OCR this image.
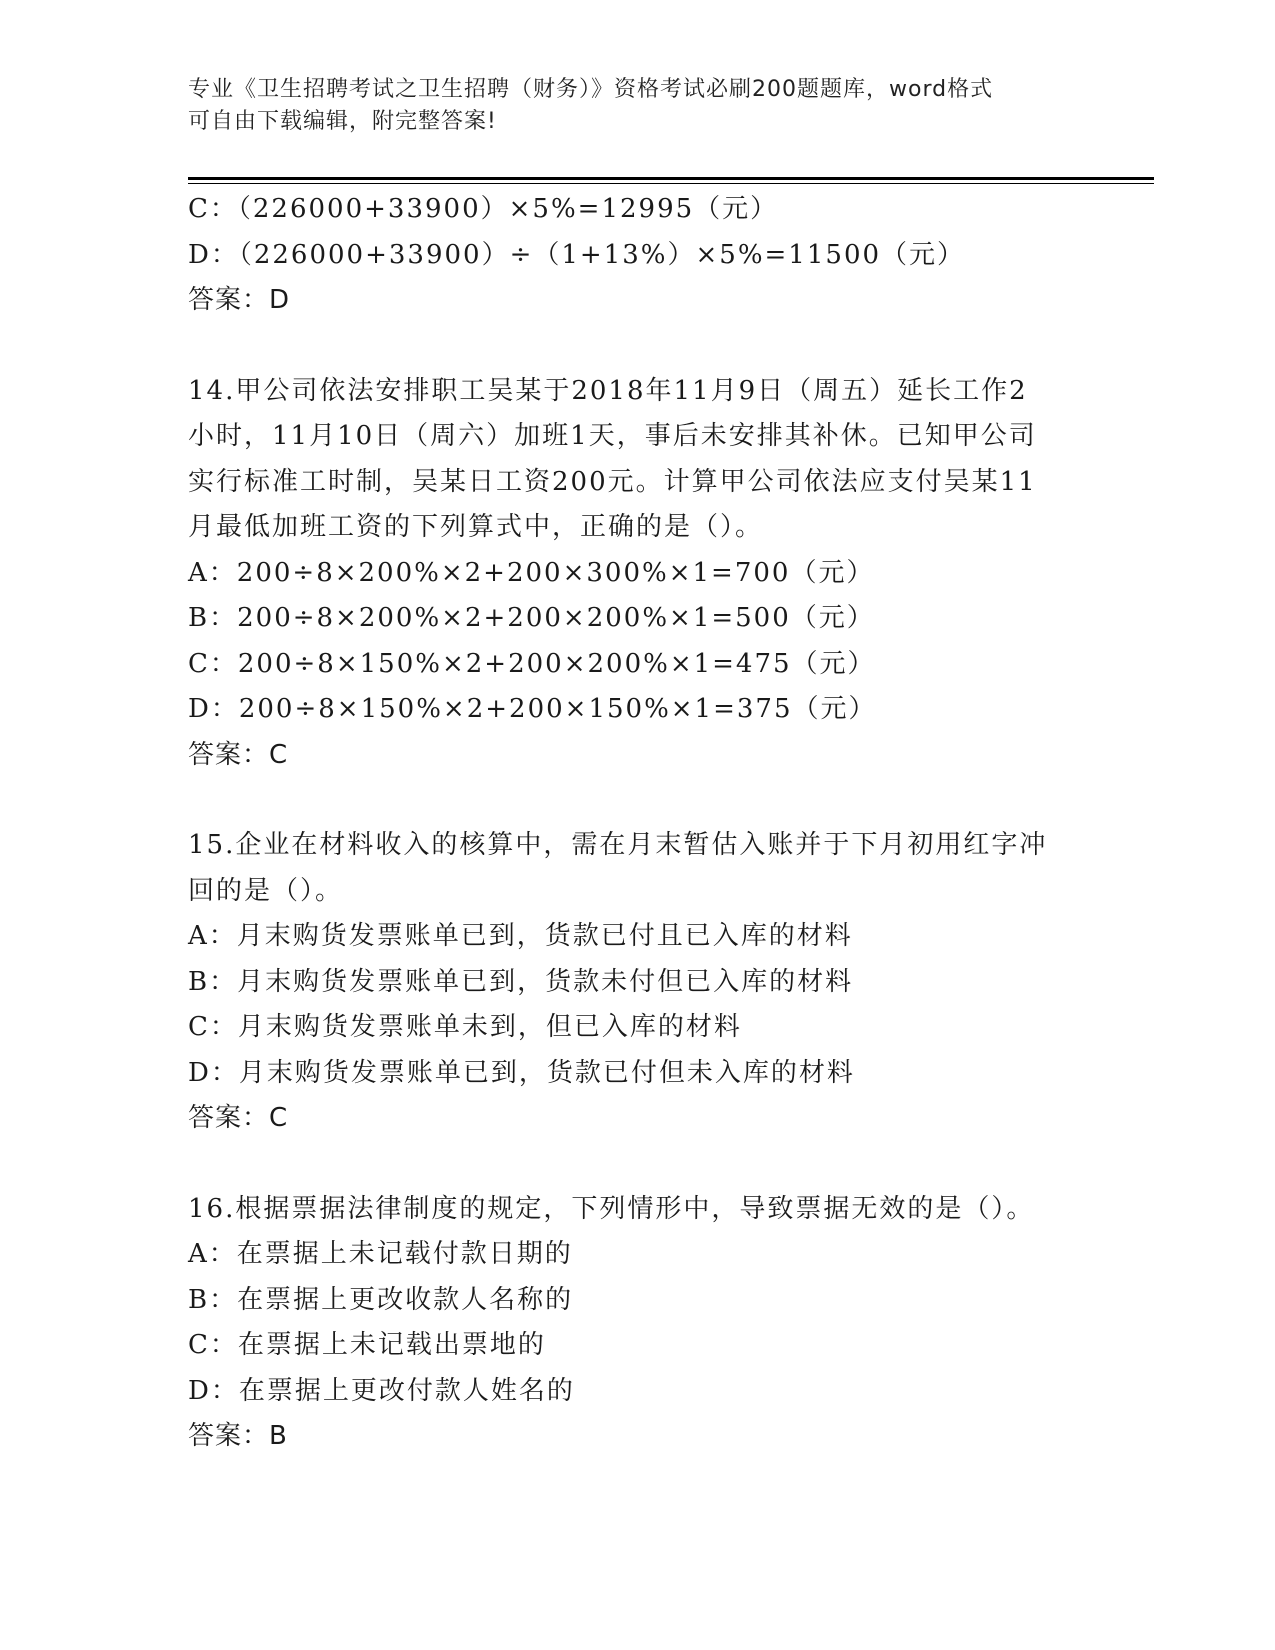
专业《卫生招聘考试之卫生招聘（财务）》资格考试必刷200题题库，word格式
可自由下载编辑，附完整答案!
C：（226000+33900）×5%=12995（元）
D：（226000+33900）÷（1+13%）×5%=11500（元）
答案：D
14.甲公司依法安排职工吴某于2018年11月9日（周五）延长工作2
小时，11月10日（周六）加班1天，事后未安排其补休。已知甲公司
实行标准工时制，吴某日工资200元。计算甲公司依法应支付吴某11
月最低加班工资的下列算式中，正确的是（）。
A：200÷8×200%×2+200×300%×1=700（元）
B：200÷8×200%×2+200×200%×1=500（元）
C：200÷8×150%×2+200×200%×1=475（元）
D：200÷8×150%×2+200×150%×1=375（元）
答案：C
15.企业在材料收入的核算中，需在月末暂估入账并于下月初用红字冲
回的是（）。
A：月末购货发票账单已到，货款已付且已入库的材料
B：月末购货发票账单已到，货款未付但已入库的材料
C：月末购货发票账单未到，但已入库的材料
D：月末购货发票账单已到，货款已付但未入库的材料
答案：C
16.根据票据法律制度的规定，下列情形中，导致票据无效的是（）。
A：在票据上未记载付款日期的
B：在票据上更改收款人名称的
C：在票据上未记载出票地的
D：在票据上更改付款人姓名的
答案：B
